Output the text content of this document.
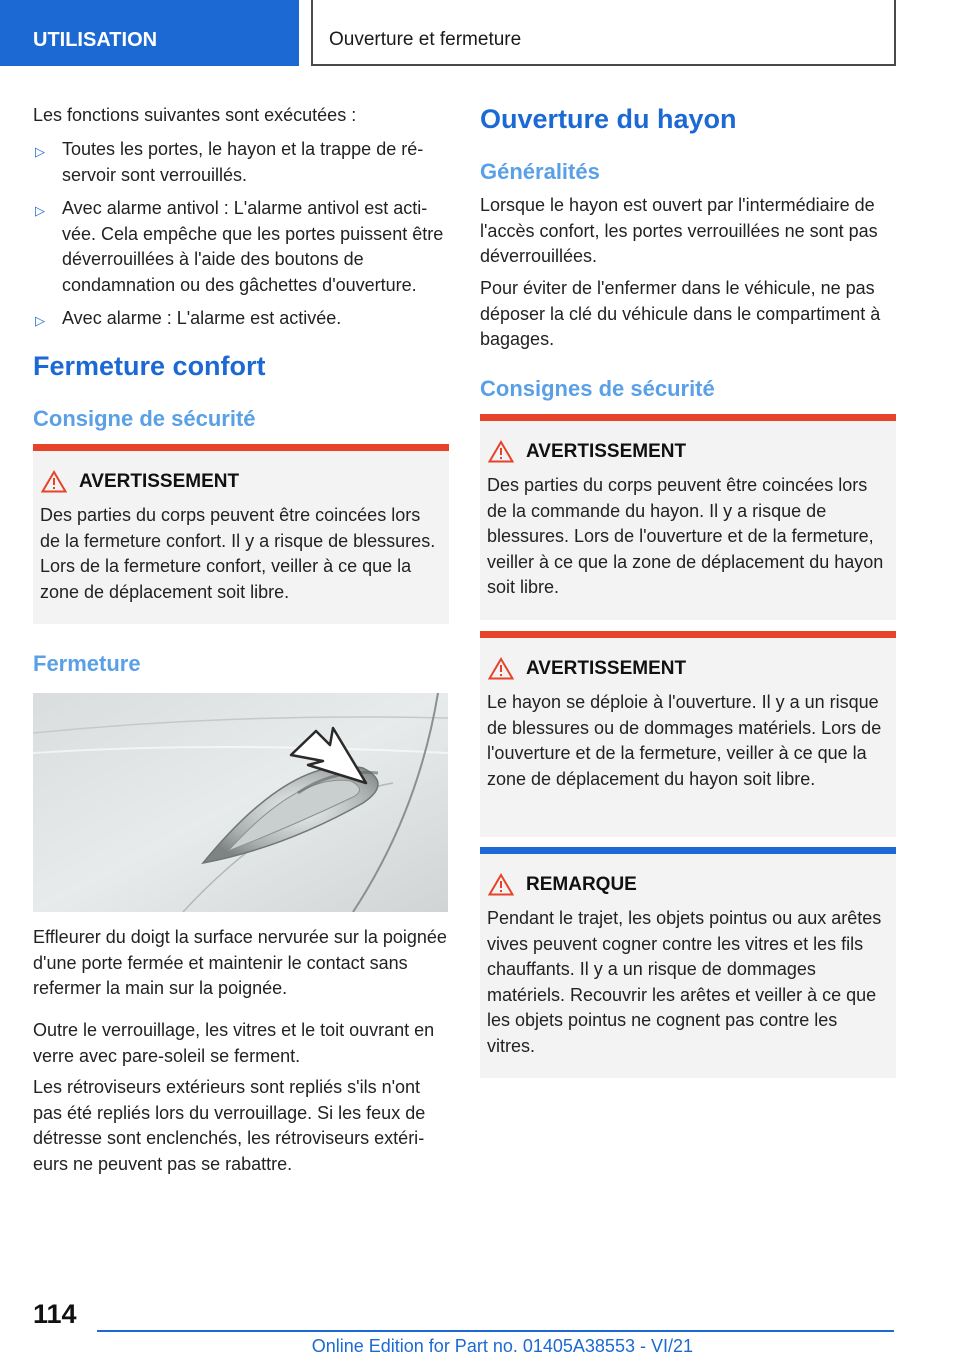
UTILISATION	Ouverture et fermeture

Les fonctions suivantes sont exécutées :

▷ Toutes les portes, le hayon et la trappe de réservoir sont verrouillés.
▷ Avec alarme antivol : L'alarme antivol est activée. Cela empêche que les portes puissent être déverrouillées à l'aide des boutons de condamnation ou des gâchettes d'ouverture.
▷ Avec alarme : L'alarme est activée.
Fermeture confort
Consigne de sécurité
AVERTISSEMENT
Des parties du corps peuvent être coincées lors de la fermeture confort. Il y a risque de blessures. Lors de la fermeture confort, veiller à ce que la zone de déplacement soit libre.
Fermeture

Effleurer du doigt la surface nervurée sur la poignée d'une porte fermée et maintenir le contact sans refermer la main sur la poignée.

Outre le verrouillage, les vitres et le toit ouvrant en verre avec pare-soleil se ferment.

Les rétroviseurs extérieurs sont repliés s'ils n'ont pas été repliés lors du verrouillage. Si les feux de détresse sont enclenchés, les rétroviseurs extérieurs ne peuvent pas se rabattre.

Ouverture du hayon
Généralités

Lorsque le hayon est ouvert par l'intermédiaire de l'accès confort, les portes verrouillées ne sont pas déverrouillées.

Pour éviter de l'enfermer dans le véhicule, ne pas déposer la clé du véhicule dans le compartiment à bagages.

Consignes de sécurité
AVERTISSEMENT
Des parties du corps peuvent être coincées lors de la commande du hayon. Il y a risque de blessures. Lors de l'ouverture et de la fermeture, veiller à ce que la zone de déplacement du hayon soit libre.
AVERTISSEMENT
Le hayon se déploie à l'ouverture. Il y a un risque de blessures ou de dommages matériels. Lors de l'ouverture et de la fermeture, veiller à ce que la zone de déplacement du hayon soit libre.
REMARQUE
Pendant le trajet, les objets pointus ou aux arêtes vives peuvent cogner contre les vitres et les fils chauffants. Il y a un risque de dommages matériels. Recouvrir les arêtes et veiller à ce que les objets pointus ne cognent pas contre les vitres.
114
Online Edition for Part no. 01405A38553 - VI/21
